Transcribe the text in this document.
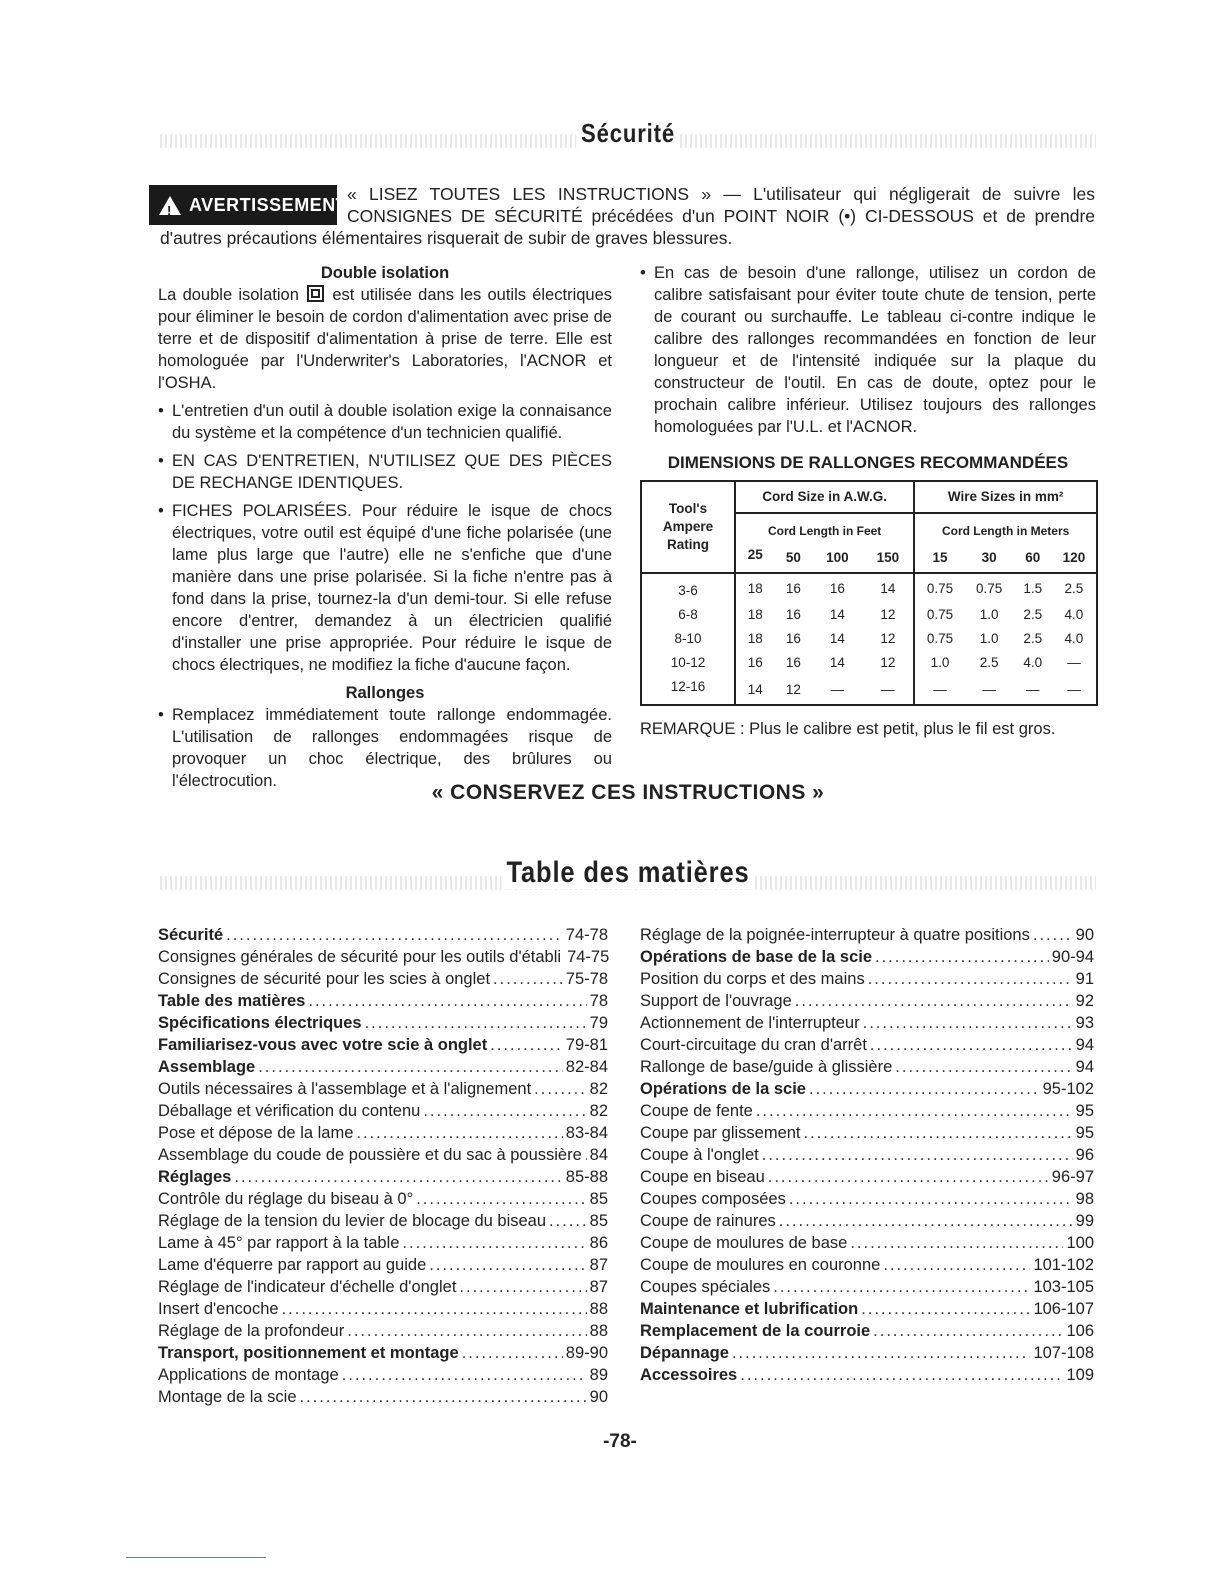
Sécurité
!
AVERTISSEMENT
« LISEZ TOUTES LES INSTRUCTIONS » — L'utilisateur qui négligerait de suivre les CONSIGNES DE SÉCURITÉ précédées d'un POINT NOIR (•) CI-DESSOUS et de prendre d'autres précautions élémentaires risquerait de subir de graves blessures.
Double isolation

La double isolation est utilisée dans les outils électriques pour éliminer le besoin de cordon d'alimentation avec prise de terre et de dispositif d'alimentation à prise de terre. Elle est homologuée par l'Underwriter's Laboratories, l'ACNOR et l'OSHA.

• L'entretien d'un outil à double isolation exige la connaisance du système et la compétence d'un technicien qualifié.
• EN CAS D'ENTRETIEN, N'UTILISEZ QUE DES PIÈCES DE RECHANGE IDENTIQUES.
• FICHES POLARISÉES. Pour réduire le isque de chocs électriques, votre outil est équipé d'une fiche polarisée (une lame plus large que l'autre) elle ne s'enfiche que d'une manière dans une prise polarisée. Si la fiche n'entre pas à fond dans la prise, tournez-la d'un demi-tour. Si elle refuse encore d'entrer, demandez à un électricien qualifié d'installer une prise appropriée. Pour réduire le isque de chocs électriques, ne modifiez la fiche d'aucune façon.
Rallonges
• Remplacez immédiatement toute rallonge endommagée. L'utilisation de rallonges endommagées risque de provoquer un choc électrique, des brûlures ou l'électrocution.
• En cas de besoin d'une rallonge, utilisez un cordon de calibre satisfaisant pour éviter toute chute de tension, perte de courant ou surchauffe. Le tableau ci-contre indique le calibre des rallonges recommandées en fonction de leur longueur et de l'intensité indiquée sur la plaque du constructeur de l'outil. En cas de doute, optez pour le prochain calibre inférieur. Utilisez toujours des rallonges homologuées par l'U.L. et l'ACNOR.
DIMENSIONS DE RALLONGES RECOMMANDÉES
Tool's
Ampere
Rating	Cord Size in A.W.G.				Wire Sizes in mm²			
	Cord Length in Feet				Cord Length in Meters			
	25	50	100	150	15	30	60	120
3-6	18	16	16	14	0.75	0.75	1.5	2.5
6-8	18	16	14	12	0.75	1.0	2.5	4.0
8-10	18	16	14	12	0.75	1.0	2.5	4.0
10-12	16	16	14	12	1.0	2.5	4.0	—
12-16	14	12	—	—	—	—	—	—
REMARQUE : Plus le calibre est petit, plus le fil est gros.
« CONSERVEZ CES INSTRUCTIONS »
Table des matières
Sécurité .....	74-78
Consignes générales de sécurité pour les outils d'établi 74-75
Consignes de sécurité pour les scies à onglet .....	75-78
Table des matières .....	78
Spécifications électriques .....	79
Familiarisez-vous avec votre scie à onglet .....	79-81
Assemblage .....	82-84
Outils nécessaires à l'assemblage et à l'alignement .....	82
Déballage et vérification du contenu .....	82
Pose et dépose de la lame .....	83-84
Assemblage du coude de poussière et du sac à poussière ..... 84
Réglages .....	85-88
Contrôle du réglage du biseau à 0° .....	85
Réglage de la tension du levier de blocage du biseau .....	85
Lame à 45° par rapport à la table .....	86
Lame d'équerre par rapport au guide .....	87
Réglage de l'indicateur d'échelle d'onglet .....	87
Insert d'encoche .....	88
Réglage de la profondeur .....	88
Transport, positionnement et montage .....	89-90
Applications de montage .....	89
Montage de la scie .....	90
Réglage de la poignée-interrupteur à quatre positions .....	90
Opérations de base de la scie .....	90-94
Position du corps et des mains .....	91
Support de l'ouvrage .....	92
Actionnement de l'interrupteur .....	93
Court-circuitage du cran d'arrêt .....	94
Rallonge de base/guide à glissière .....	94
Opérations de la scie .....	95-102
Coupe de fente .....	95
Coupe par glissement .....	95
Coupe à l'onglet .....	96
Coupe en biseau .....	96-97
Coupes composées .....	98
Coupe de rainures .....	99
Coupe de moulures de base .....	100
Coupe de moulures en couronne .....	101-102
Coupes spéciales .....	103-105
Maintenance et lubrification .....	106-107
Remplacement de la courroie .....	106
Dépannage .....	107-108
Accessoires .....	109
-78-
